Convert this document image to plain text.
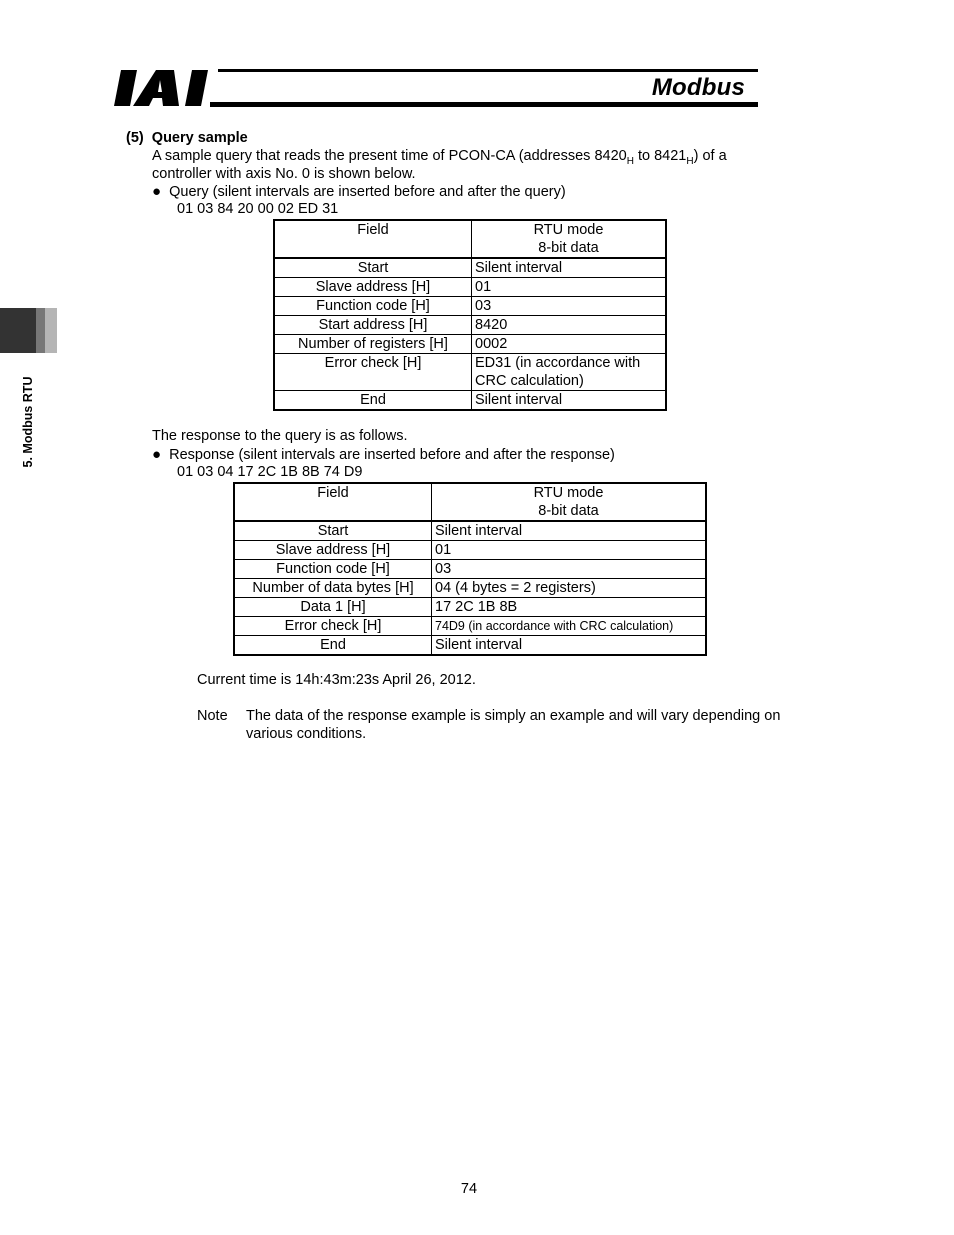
Modbus
5. Modbus RTU
(5) Query sample
A sample query that reads the present time of PCON-CA (addresses $8420_H$ to $8421_H$) of a
controller with axis No. 0 is shown below.
● Query (silent intervals are inserted before and after the query)
01 03 84 20 00 02 ED 31
Field	RTU mode
8-bit data

Start	Silent interval
Slave address [H]	01
Function code [H]	03
Start address [H]	8420
Number of registers [H]	0002
Error check [H]	ED31 (in accordance with
CRC calculation)

End	Silent interval
The response to the query is as follows.
● Response (silent intervals are inserted before and after the response)
01 03 04 17 2C 1B 8B 74 D9
Field	RTU mode
8-bit data

Start	Silent interval
Slave address [H]	01
Function code [H]	03
Number of data bytes [H]	04 (4 bytes = 2 registers)
Data 1 [H]	17 2C 1B 8B
Error check [H]	74D9 (in accordance with CRC calculation)
End	Silent interval
Current time is 14h:43m:23s April 26, 2012.
Note The data of the response example is simply an example and will vary depending on
various conditions.
74
